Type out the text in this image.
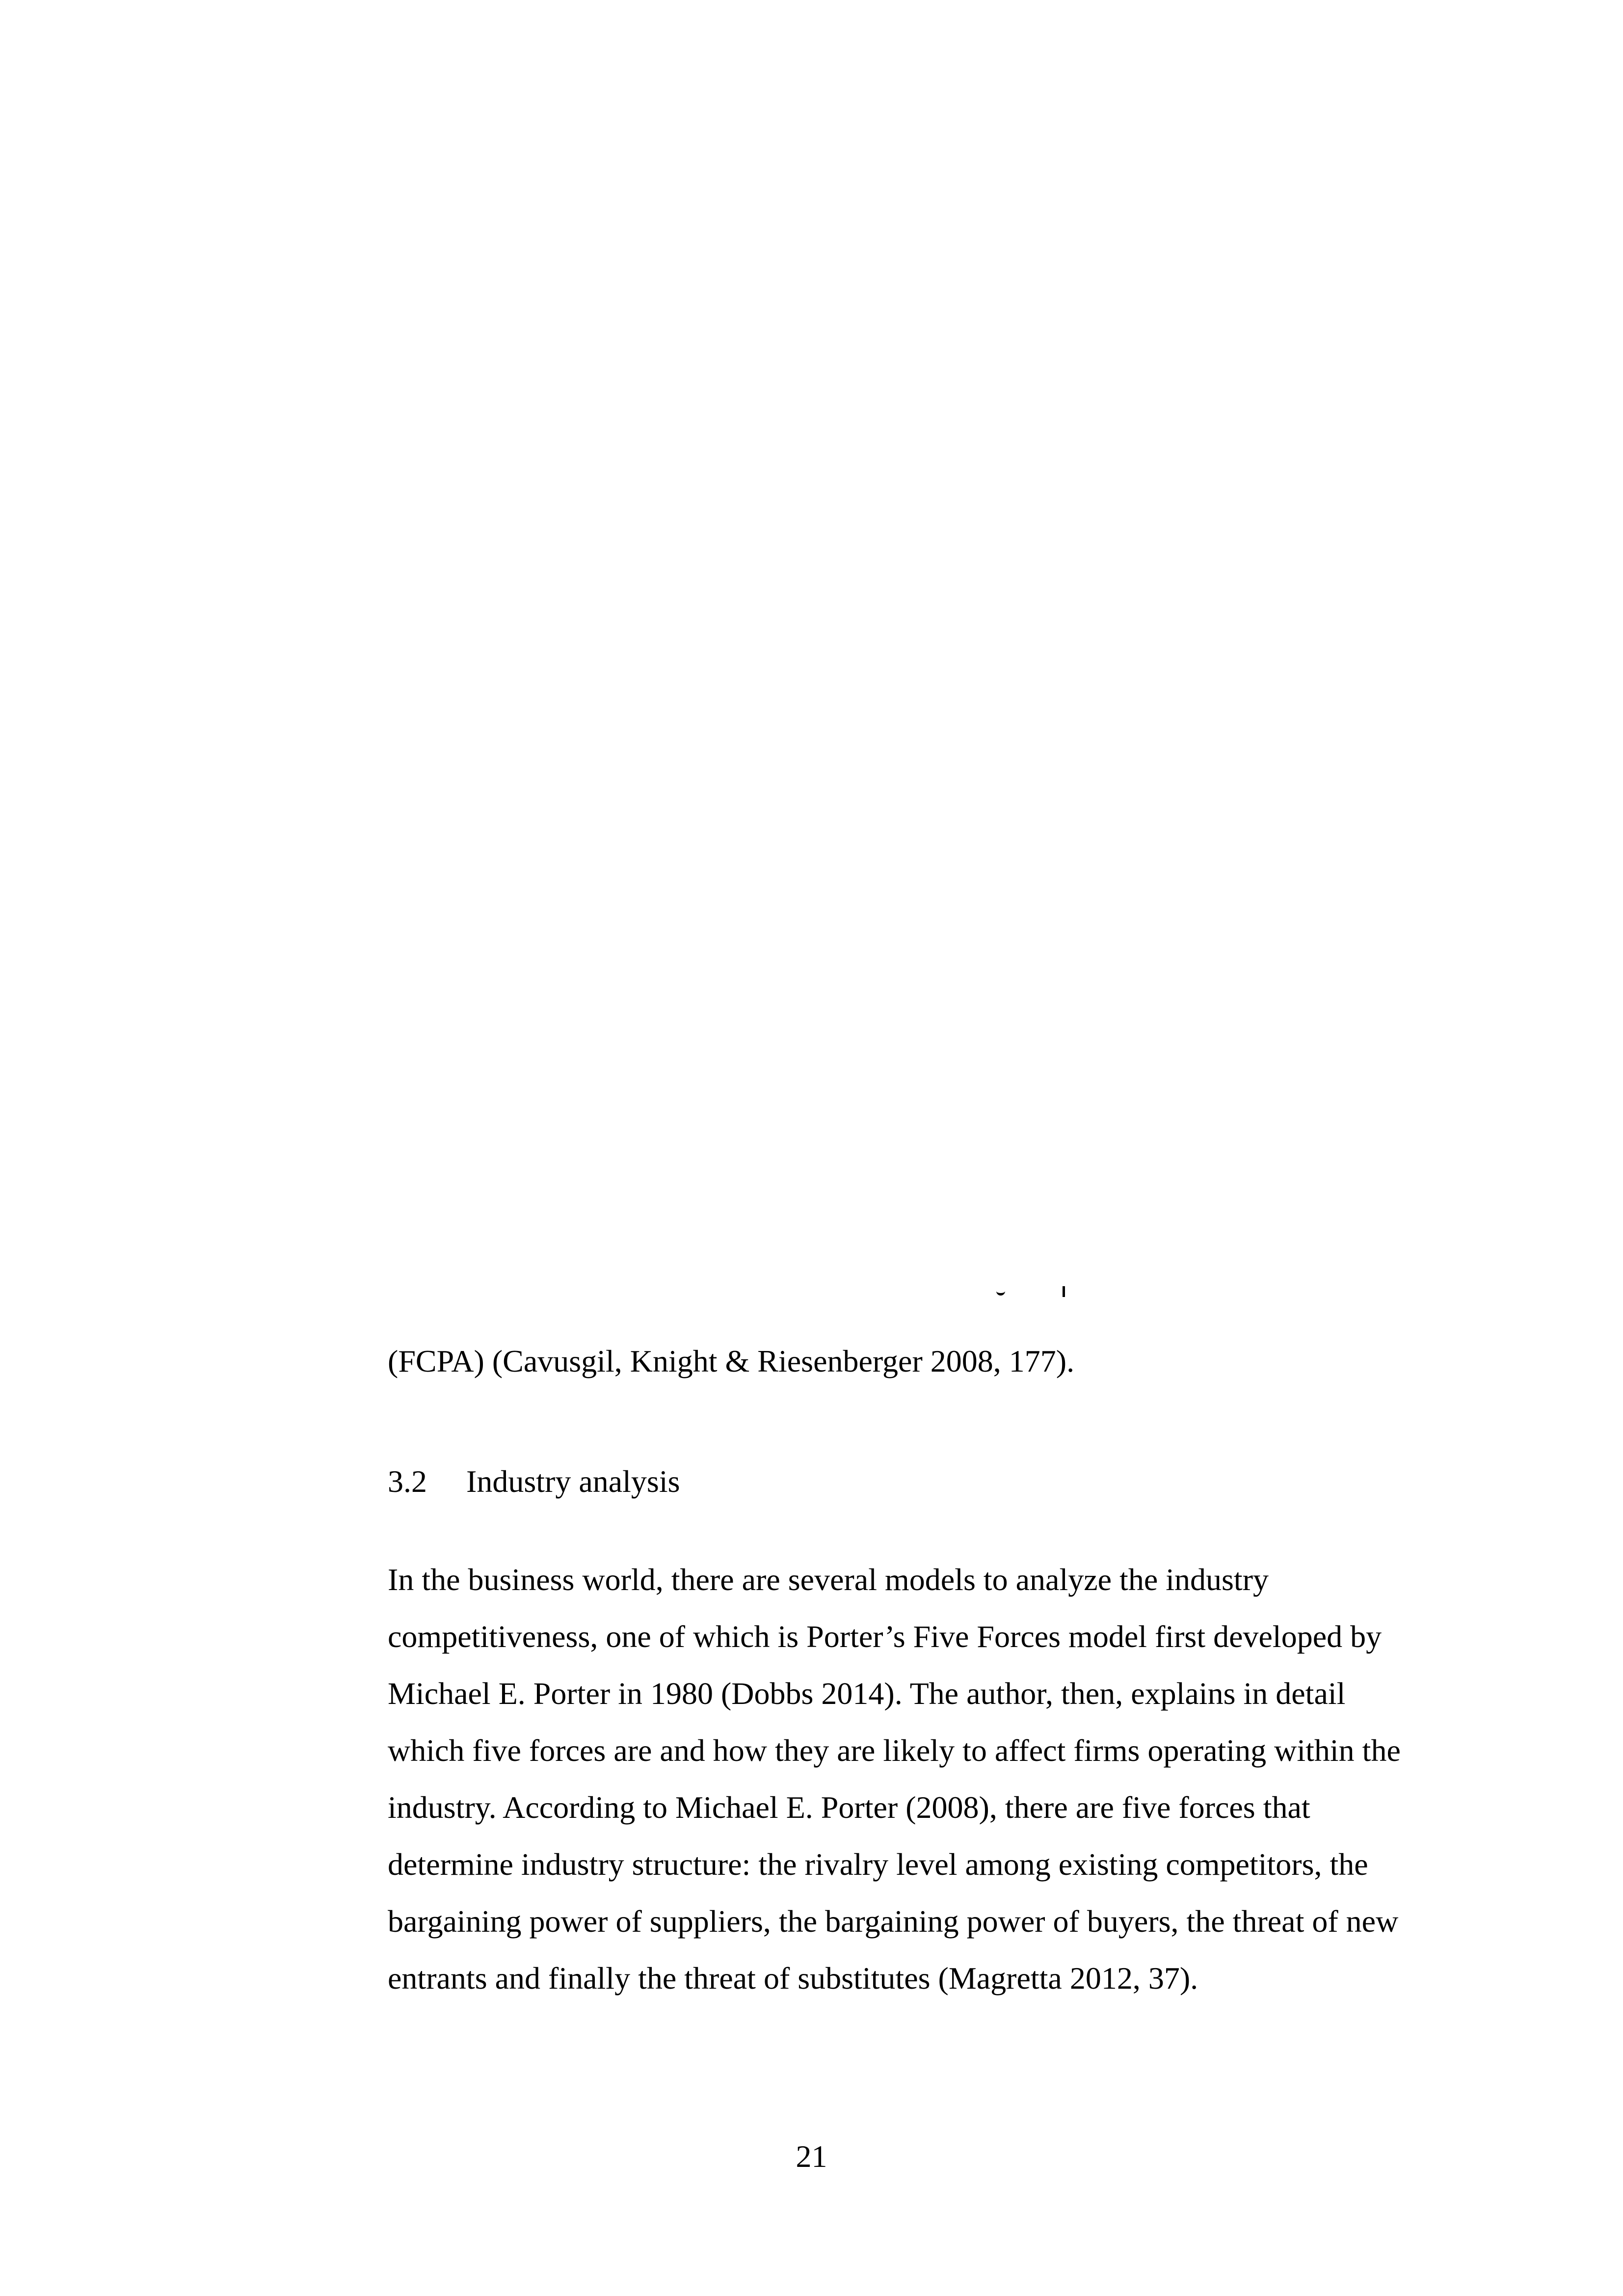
(FCPA) (Cavusgil, Knight & Riesenberger 2008, 177).
3.2 Industry analysis
In the business world, there are several models to analyze the industry
competitiveness, one of which is Porter’s Five Forces model first developed by
Michael E. Porter in 1980 (Dobbs 2014). The author, then, explains in detail
which five forces are and how they are likely to affect firms operating within the
industry. According to Michael E. Porter (2008), there are five forces that
determine industry structure: the rivalry level among existing competitors, the
bargaining power of suppliers, the bargaining power of buyers, the threat of new
entrants and finally the threat of substitutes (Magretta 2012, 37).
21
